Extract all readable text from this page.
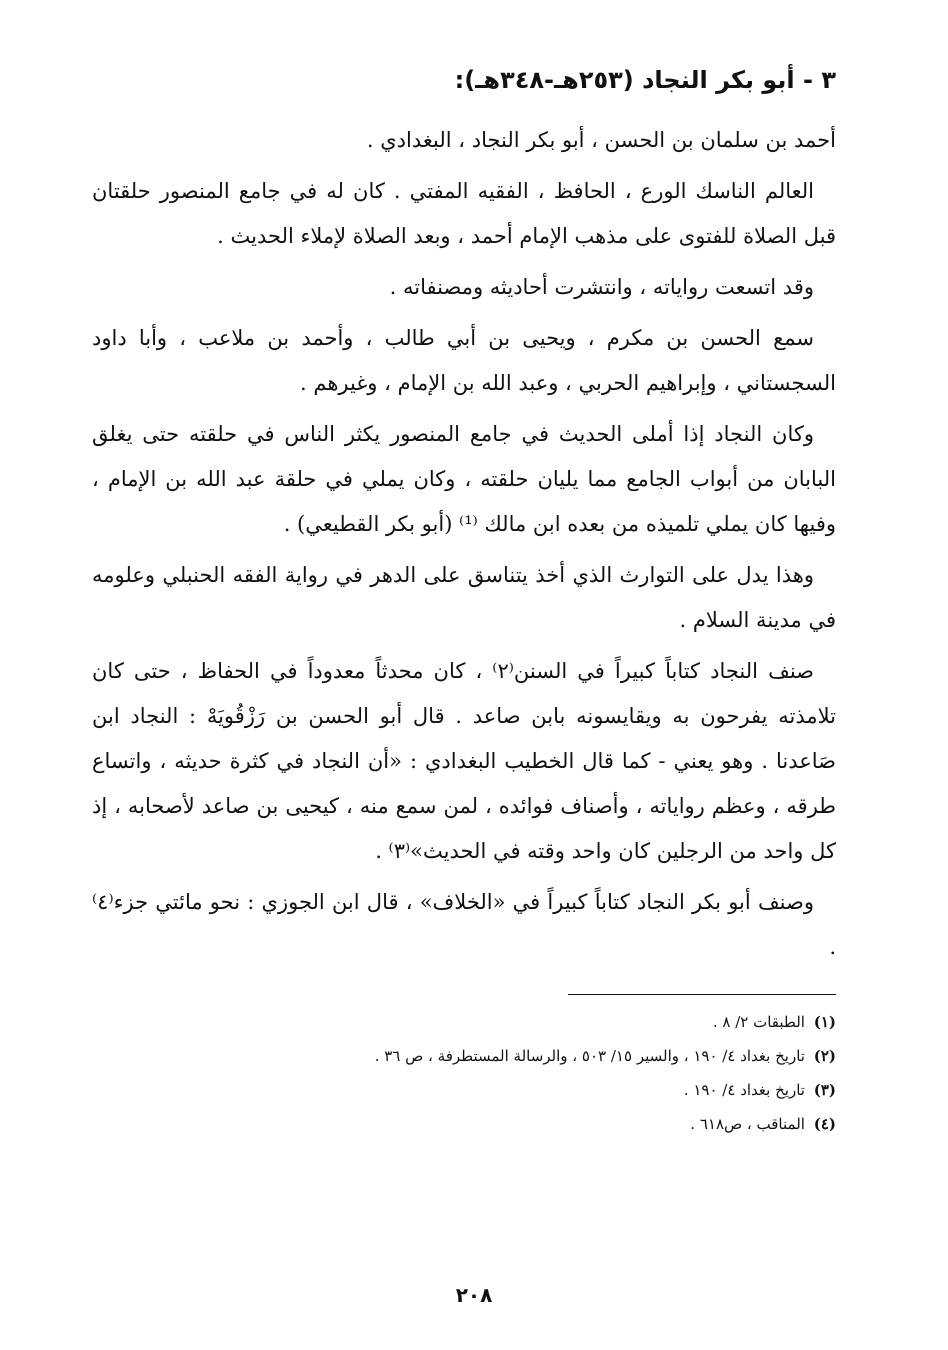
٣ - أبو بكر النجاد (٢٥٣هـ-٣٤٨هـ):

أحمد بن سلمان بن الحسن ، أبو بكر النجاد ، البغدادي .

العالم الناسك الورع ، الحافظ ، الفقيه المفتي . كان له في جامع المنصور حلقتان قبل الصلاة للفتوى على مذهب الإمام أحمد ، وبعد الصلاة لإملاء الحديث .

وقد اتسعت رواياته ، وانتشرت أحاديثه ومصنفاته .

سمع الحسن بن مكرم ، ويحيى بن أبي طالب ، وأحمد بن ملاعب ، وأبا داود السجستاني ، وإبراهيم الحربي ، وعبد الله بن الإمام ، وغيرهم .

وكان النجاد إذا أملى الحديث في جامع المنصور يكثر الناس في حلقته حتى يغلق البابان من أبواب الجامع مما يليان حلقته ، وكان يملي في حلقة عبد الله بن الإمام ، وفيها كان يملي تلميذه من بعده ابن مالك ⁽¹⁾ (أبو بكر القطيعي) .

وهذا يدل على التوارث الذي أخذ يتناسق على الدهر في رواية الفقه الحنبلي وعلومه في مدينة السلام .

صنف النجاد كتاباً كبيراً في السنن⁽٢⁾ ، كان محدثاً معدوداً في الحفاظ ، حتى كان تلامذته يفرحون به ويقايسونه بابن صاعد . قال أبو الحسن بن رَزْقُويَهْ : النجاد ابن صَاعدنا . وهو يعني - كما قال الخطيب البغدادي : «أن النجاد في كثرة حديثه ، واتساع طرقه ، وعظم رواياته ، وأصناف فوائده ، لمن سمع منه ، كيحيى بن صاعد لأصحابه ، إذ كل واحد من الرجلين كان واحد وقته في الحديث»⁽٣⁾ .

وصنف أبو بكر النجاد كتاباً كبيراً في «الخلاف» ، قال ابن الجوزي : نحو مائتي جزء⁽٤⁾ .

(١) الطبقات ٢/ ٨ .
(٢) تاريخ بغداد ٤/ ١٩٠ ، والسير ١٥/ ٥٠٣ ، والرسالة المستطرفة ، ص ٣٦ .
(٣) تاريخ بغداد ٤/ ١٩٠ .
(٤) المناقب ، ص٦١٨ .
٢٠٨
